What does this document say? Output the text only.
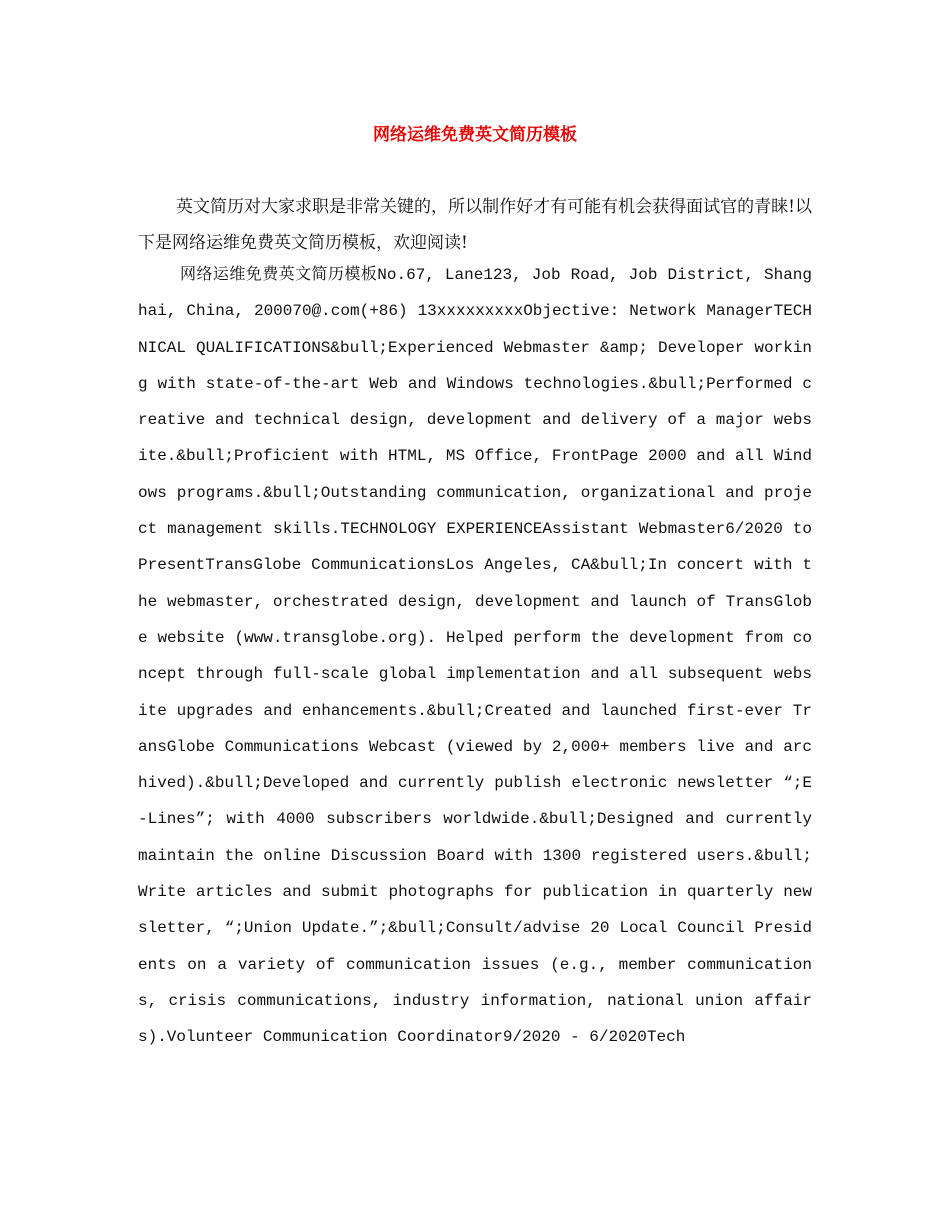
网络运维免费英文简历模板

英文简历对大家求职是非常关键的，所以制作好才有可能有机会获得面试官的青睐!以下是网络运维免费英文简历模板，欢迎阅读!

网络运维免费英文简历模板No.67, Lane123, Job Road, Job District, Shanghai, China, 200070@.com(+86) 13xxxxxxxxxObjective: Network ManagerTECHNICAL QUALIFICATIONS&bull;Experienced Webmaster &amp; Developer working with state-of-the-art Web and Windows technologies.&bull;Performed creative and technical design, development and delivery of a major website.&bull;Proficient with HTML, MS Office, FrontPage 2000 and all Windows programs.&bull;Outstanding communication, organizational and project management skills.TECHNOLOGY EXPERIENCEAssistant Webmaster6/2020 to PresentTransGlobe CommunicationsLos Angeles, CA&bull;In concert with the webmaster, orchestrated design, development and launch of TransGlobe website (www.transglobe.org). Helped perform the development from concept through full-scale global implementation and all subsequent website upgrades and enhancements.&bull;Created and launched first-ever TransGlobe Communications Webcast (viewed by 2,000+ members live and archived).&bull;Developed and currently publish electronic newsletter “;E-Lines”; with 4000 subscribers worldwide.&bull;Designed and currently maintain the online Discussion Board with 1300 registered users.&bull;Write articles and submit photographs for publication in quarterly newsletter, “;Union Update.”;&bull;Consult/advise 20 Local Council Presidents on a variety of communication issues (e.g., member communications, crisis communications, industry information, national union affairs).Volunteer Communication Coordinator9/2020 - 6/2020Tech
